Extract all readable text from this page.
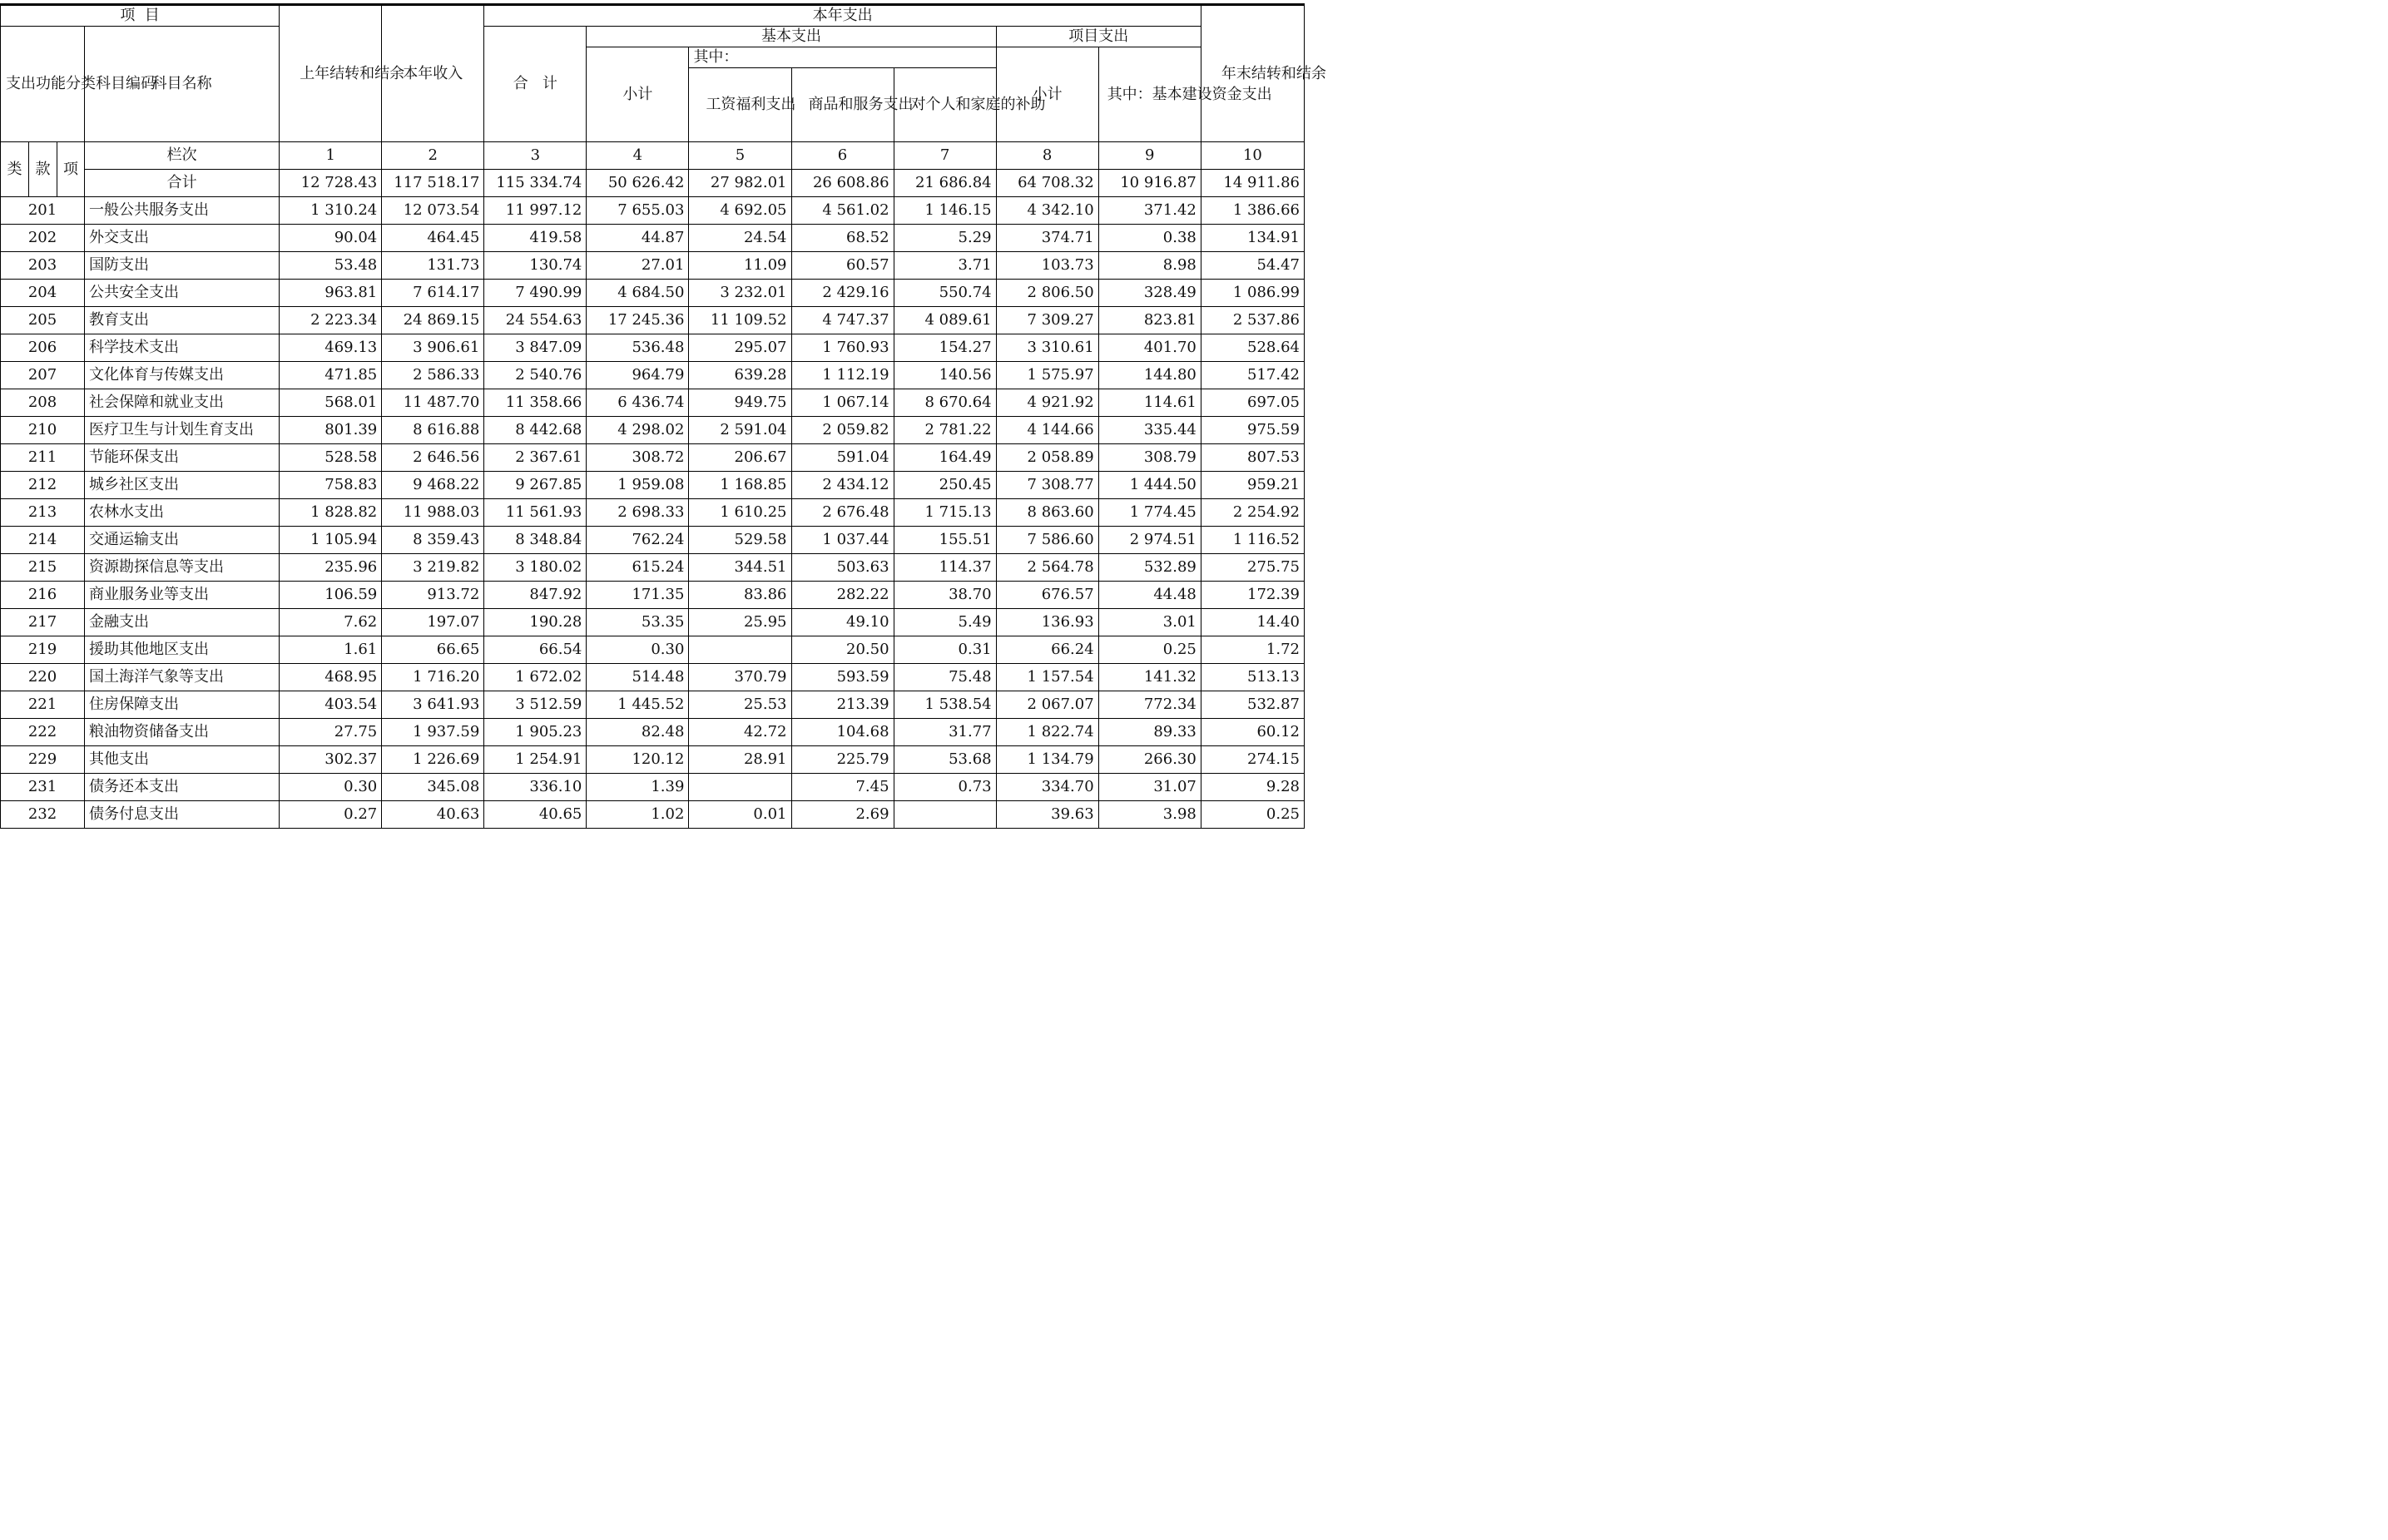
项  目				上年结转和结余	本年收入	本年支出							年末结转和结余
支出功能分类科目编码			科目名称			合   计	基本支出				项目支出		
							小计	其中：			小计	其中：基本建设资金支出	
								工资福利支出	商品和服务支出	对个人和家庭的补助			
类	款	项	栏次	1	2	3	4	5	6	7	8	9	10
			合计	12 728.43	117 518.17	115 334.74	50 626.42	27 982.01	26 608.86	21 686.84	64 708.32	10 916.87	14 911.86
201			一般公共服务支出	1 310.24	12 073.54	11 997.12	7 655.03	4 692.05	4 561.02	1 146.15	4 342.10	371.42	1 386.66
202			外交支出	90.04	464.45	419.58	44.87	24.54	68.52	5.29	374.71	0.38	134.91
203			国防支出	53.48	131.73	130.74	27.01	11.09	60.57	3.71	103.73	8.98	54.47
204			公共安全支出	963.81	7 614.17	7 490.99	4 684.50	3 232.01	2 429.16	550.74	2 806.50	328.49	1 086.99
205			教育支出	2 223.34	24 869.15	24 554.63	17 245.36	11 109.52	4 747.37	4 089.61	7 309.27	823.81	2 537.86
206			科学技术支出	469.13	3 906.61	3 847.09	536.48	295.07	1 760.93	154.27	3 310.61	401.70	528.64
207			文化体育与传媒支出	471.85	2 586.33	2 540.76	964.79	639.28	1 112.19	140.56	1 575.97	144.80	517.42
208			社会保障和就业支出	568.01	11 487.70	11 358.66	6 436.74	949.75	1 067.14	8 670.64	4 921.92	114.61	697.05
210			医疗卫生与计划生育支出	801.39	8 616.88	8 442.68	4 298.02	2 591.04	2 059.82	2 781.22	4 144.66	335.44	975.59
211			节能环保支出	528.58	2 646.56	2 367.61	308.72	206.67	591.04	164.49	2 058.89	308.79	807.53
212			城乡社区支出	758.83	9 468.22	9 267.85	1 959.08	1 168.85	2 434.12	250.45	7 308.77	1 444.50	959.21
213			农林水支出	1 828.82	11 988.03	11 561.93	2 698.33	1 610.25	2 676.48	1 715.13	8 863.60	1 774.45	2 254.92
214			交通运输支出	1 105.94	8 359.43	8 348.84	762.24	529.58	1 037.44	155.51	7 586.60	2 974.51	1 116.52
215			资源勘探信息等支出	235.96	3 219.82	3 180.02	615.24	344.51	503.63	114.37	2 564.78	532.89	275.75
216			商业服务业等支出	106.59	913.72	847.92	171.35	83.86	282.22	38.70	676.57	44.48	172.39
217			金融支出	7.62	197.07	190.28	53.35	25.95	49.10	5.49	136.93	3.01	14.40
219			援助其他地区支出	1.61	66.65	66.54	0.30		20.50	0.31	66.24	0.25	1.72
220			国土海洋气象等支出	468.95	1 716.20	1 672.02	514.48	370.79	593.59	75.48	1 157.54	141.32	513.13
221			住房保障支出	403.54	3 641.93	3 512.59	1 445.52	25.53	213.39	1 538.54	2 067.07	772.34	532.87
222			粮油物资储备支出	27.75	1 937.59	1 905.23	82.48	42.72	104.68	31.77	1 822.74	89.33	60.12
229			其他支出	302.37	1 226.69	1 254.91	120.12	28.91	225.79	53.68	1 134.79	266.30	274.15
231			债务还本支出	0.30	345.08	336.10	1.39		7.45	0.73	334.70	31.07	9.28
232			债务付息支出	0.27	40.63	40.65	1.02	0.01	2.69		39.63	3.98	0.25
